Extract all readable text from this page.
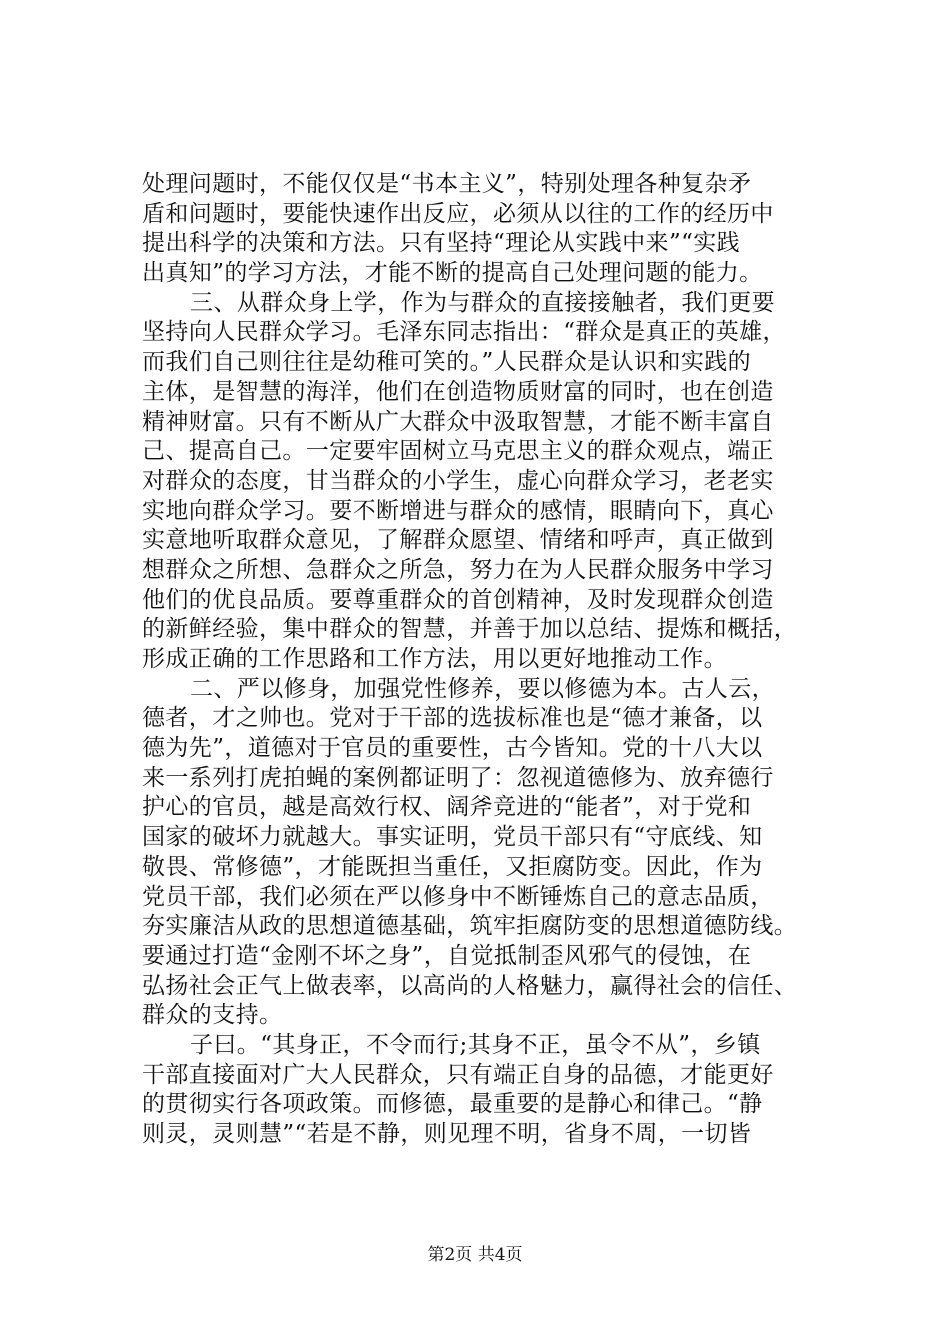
处理问题时，不能仅仅是“书本主义”，特别处理各种复杂矛
盾和问题时，要能快速作出反应，必须从以往的工作的经历中
提出科学的决策和方法。只有坚持“理论从实践中来”“实践
出真知”的学习方法，才能不断的提高自己处理问题的能力。
三、从群众身上学，作为与群众的直接接触者，我们更要
坚持向人民群众学习。毛泽东同志指出：“群众是真正的英雄，
而我们自己则往往是幼稚可笑的。”人民群众是认识和实践的
主体，是智慧的海洋，他们在创造物质财富的同时，也在创造
精神财富。只有不断从广大群众中汲取智慧，才能不断丰富自
己、提高自己。一定要牢固树立马克思主义的群众观点，端正
对群众的态度，甘当群众的小学生，虚心向群众学习，老老实
实地向群众学习。要不断增进与群众的感情，眼睛向下，真心
实意地听取群众意见，了解群众愿望、情绪和呼声，真正做到
想群众之所想、急群众之所急，努力在为人民群众服务中学习
他们的优良品质。要尊重群众的首创精神，及时发现群众创造
的新鲜经验，集中群众的智慧，并善于加以总结、提炼和概括，
形成正确的工作思路和工作方法，用以更好地推动工作。
二、严以修身，加强党性修养，要以修德为本。古人云，
德者，才之帅也。党对于干部的选拔标准也是“德才兼备，以
德为先”，道德对于官员的重要性，古今皆知。党的十八大以
来一系列打虎拍蝇的案例都证明了：忽视道德修为、放弃德行
护心的官员，越是高效行权、阔斧竞进的“能者”，对于党和
国家的破坏力就越大。事实证明，党员干部只有“守底线、知
敬畏、常修德”，才能既担当重任，又拒腐防变。因此，作为
党员干部，我们必须在严以修身中不断锤炼自己的意志品质，
夯实廉洁从政的思想道德基础，筑牢拒腐防变的思想道德防线。
要通过打造“金刚不坏之身”，自觉抵制歪风邪气的侵蚀，在
弘扬社会正气上做表率，以高尚的人格魅力，赢得社会的信任、
群众的支持。
子曰。“其身正，不令而行;其身不正，虽令不从”，乡镇
干部直接面对广大人民群众，只有端正自身的品德，才能更好
的贯彻实行各项政策。而修德，最重要的是静心和律己。“静
则灵，灵则慧”“若是不静，则见理不明，省身不周，一切皆
第2页 共4页
